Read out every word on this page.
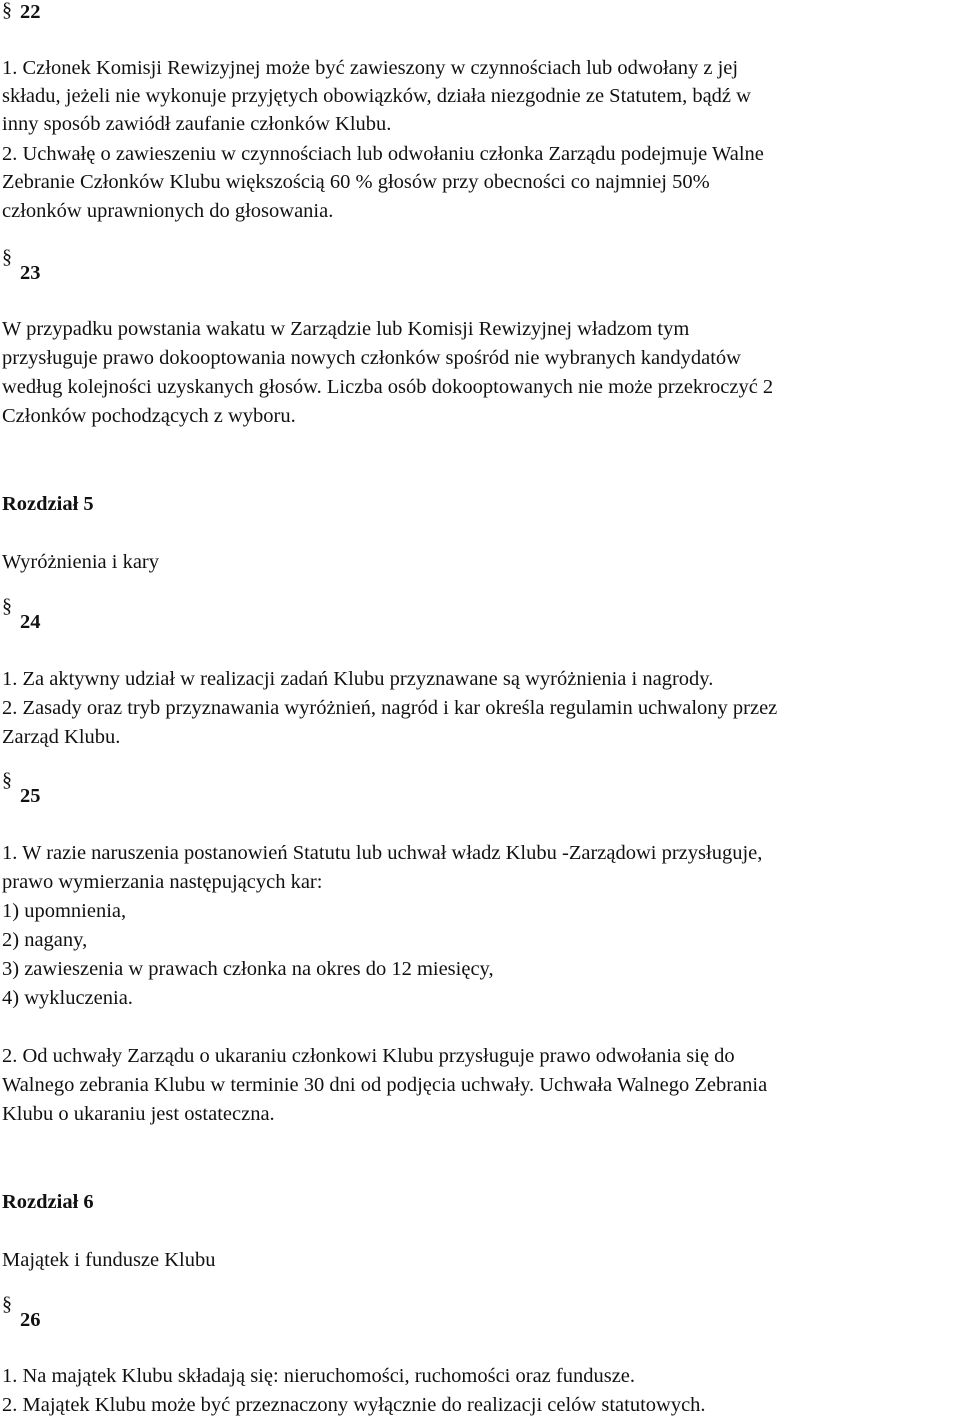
§ 22
1. Członek Komisji Rewizyjnej może być zawieszony w czynnościach lub odwołany z jej
składu, jeżeli nie wykonuje przyjętych obowiązków, działa niezgodnie ze Statutem, bądź w
inny sposób zawiódł zaufanie członków Klubu.
2. Uchwałę o zawieszeniu w czynnościach lub odwołaniu członka Zarządu podejmuje Walne
Zebranie Członków Klubu większością 60 % głosów przy obecności co najmniej 50%
członków uprawnionych do głosowania.
§
23
W przypadku powstania wakatu w Zarządzie lub Komisji Rewizyjnej władzom tym
przysługuje prawo dokooptowania nowych członków spośród nie wybranych kandydatów
według kolejności uzyskanych głosów. Liczba osób dokooptowanych nie może przekroczyć 2
Członków pochodzących z wyboru.
Rozdział 5
Wyróżnienia i kary
§
24
1. Za aktywny udział w realizacji zadań Klubu przyznawane są wyróżnienia i nagrody.
2. Zasady oraz tryb przyznawania wyróżnień, nagród i kar określa regulamin uchwalony przez
Zarząd Klubu.
§
25
1. W razie naruszenia postanowień Statutu lub uchwał władz Klubu -Zarządowi przysługuje,
prawo wymierzania następujących kar:
1) upomnienia,
2) nagany,
3) zawieszenia w prawach członka na okres do 12 miesięcy,
4) wykluczenia.
2. Od uchwały Zarządu o ukaraniu członkowi Klubu przysługuje prawo odwołania się do
Walnego zebrania Klubu w terminie 30 dni od podjęcia uchwały. Uchwała Walnego Zebrania
Klubu o ukaraniu jest ostateczna.
Rozdział 6
Majątek i fundusze Klubu
§
26
1. Na majątek Klubu składają się: nieruchomości, ruchomości oraz fundusze.
2. Majątek Klubu może być przeznaczony wyłącznie do realizacji celów statutowych.
